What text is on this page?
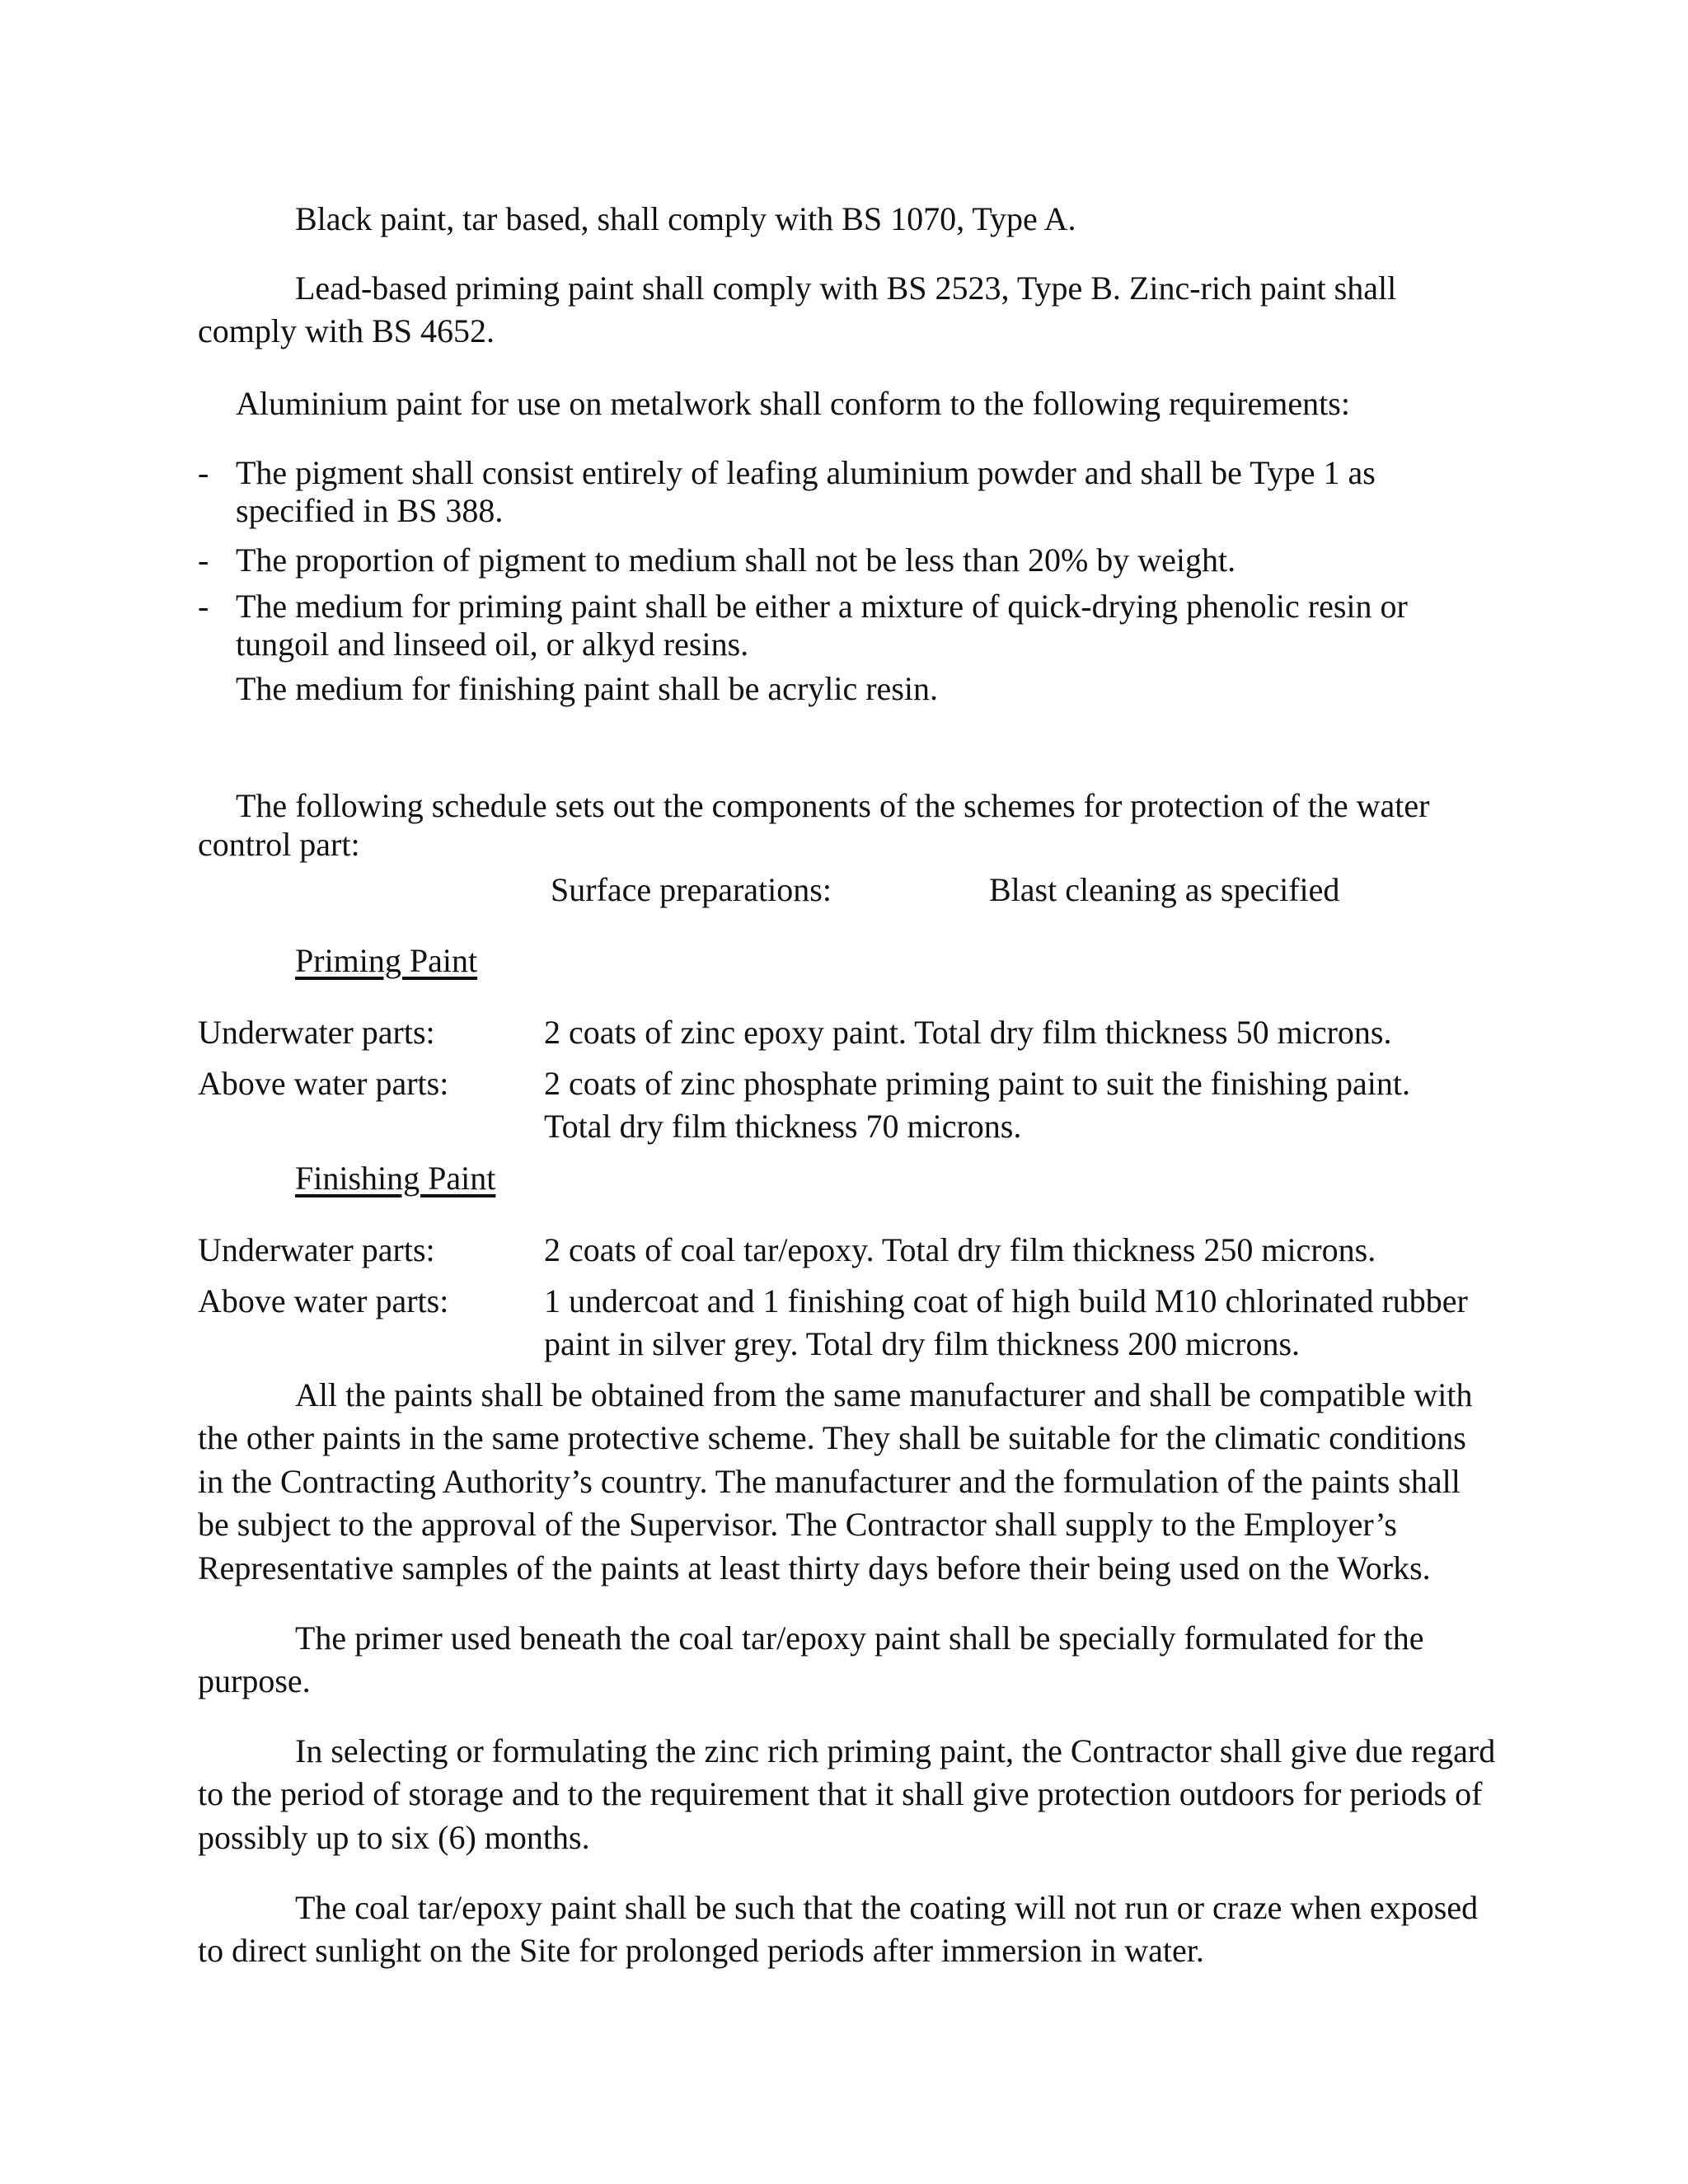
Black paint, tar based, shall comply with BS 1070, Type A.
Lead-based priming paint shall comply with BS 2523, Type B. Zinc-rich paint shall
comply with BS 4652.
Aluminium paint for use on metalwork shall conform to the following requirements:
- The pigment shall consist entirely of leafing aluminium powder and shall be Type 1 as
specified in BS 388.
- The proportion of pigment to medium shall not be less than 20% by weight.
- The medium for priming paint shall be either a mixture of quick-drying phenolic resin or
tungoil and linseed oil, or alkyd resins.
The medium for finishing paint shall be acrylic resin.
The following schedule sets out the components of the schemes for protection of the water
control part:
Surface preparations:	Blast cleaning as specified
Priming Paint
Underwater parts:	2 coats of zinc epoxy paint. Total dry film thickness 50 microns.
Above water parts:	2 coats of zinc phosphate priming paint to suit the finishing paint.
Total dry film thickness 70 microns.
Finishing Paint
Underwater parts:	2 coats of coal tar/epoxy. Total dry film thickness 250 microns.
Above water parts:	1 undercoat and 1 finishing coat of high build M10 chlorinated rubber
paint in silver grey. Total dry film thickness 200 microns.
All the paints shall be obtained from the same manufacturer and shall be compatible with
the other paints in the same protective scheme. They shall be suitable for the climatic conditions
in the Contracting Authority’s country. The manufacturer and the formulation of the paints shall
be subject to the approval of the Supervisor. The Contractor shall supply to the Employer’s
Representative samples of the paints at least thirty days before their being used on the Works.
The primer used beneath the coal tar/epoxy paint shall be specially formulated for the
purpose.
In selecting or formulating the zinc rich priming paint, the Contractor shall give due regard
to the period of storage and to the requirement that it shall give protection outdoors for periods of
possibly up to six (6) months.
The coal tar/epoxy paint shall be such that the coating will not run or craze when exposed
to direct sunlight on the Site for prolonged periods after immersion in water.
